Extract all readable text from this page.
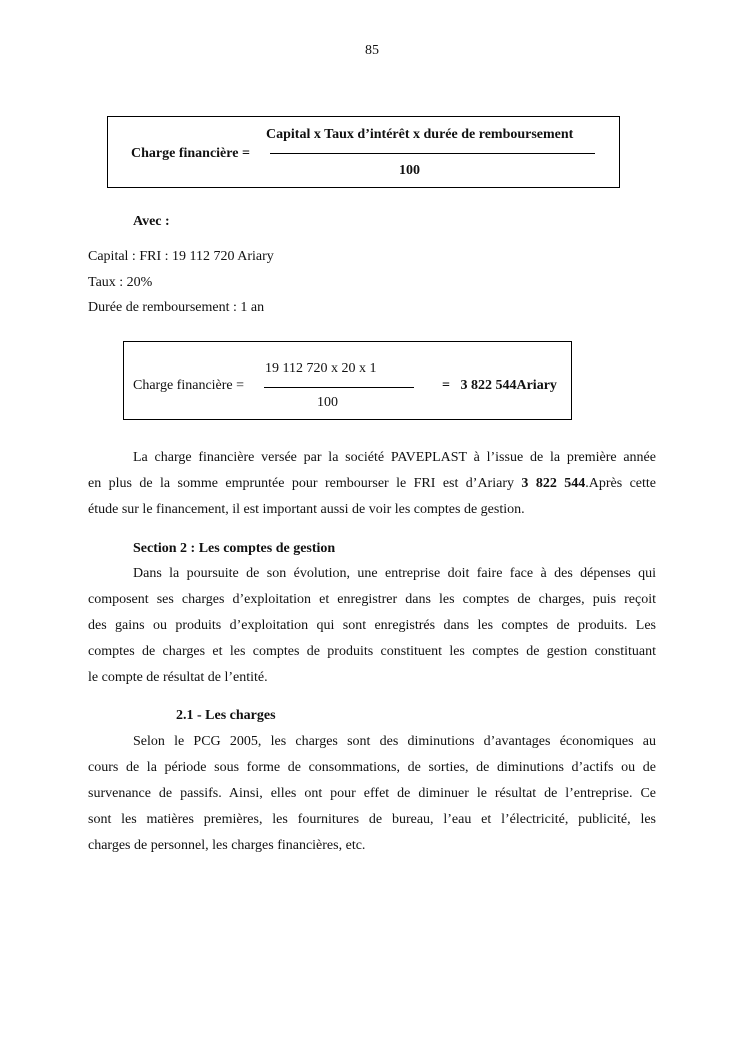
85
Capital x Taux d’intérêt x durée de remboursement
Charge financière =
100
Avec :
Capital : FRI : 19 112 720 Ariary
Taux : 20%
Durée de remboursement : 1 an
19 112 720 x 20 x 1
Charge financière =	=   3 822 544Ariary
100
La charge financière versée par la société PAVEPLAST à l’issue de la première année
en plus de la somme empruntée pour rembourser le FRI est d’Ariary 3 822 544.Après cette
étude sur le financement, il est important aussi de voir les comptes de gestion.
Section 2 : Les comptes de gestion
Dans la poursuite de son évolution, une entreprise doit faire face à des dépenses qui
composent ses charges d’exploitation et enregistrer dans les comptes de charges, puis reçoit
des gains ou produits d’exploitation qui sont enregistrés dans les comptes de produits. Les
comptes de charges et les comptes de produits constituent les comptes de gestion constituant
le compte de résultat de l’entité.
2.1 - Les charges
Selon le PCG 2005, les charges sont des diminutions d’avantages économiques au
cours de la période sous forme de consommations, de sorties, de diminutions d’actifs ou de
survenance de passifs. Ainsi, elles ont pour effet de diminuer le résultat de l’entreprise. Ce
sont les matières premières, les fournitures de bureau, l’eau et l’électricité, publicité, les
charges de personnel, les charges financières, etc.
